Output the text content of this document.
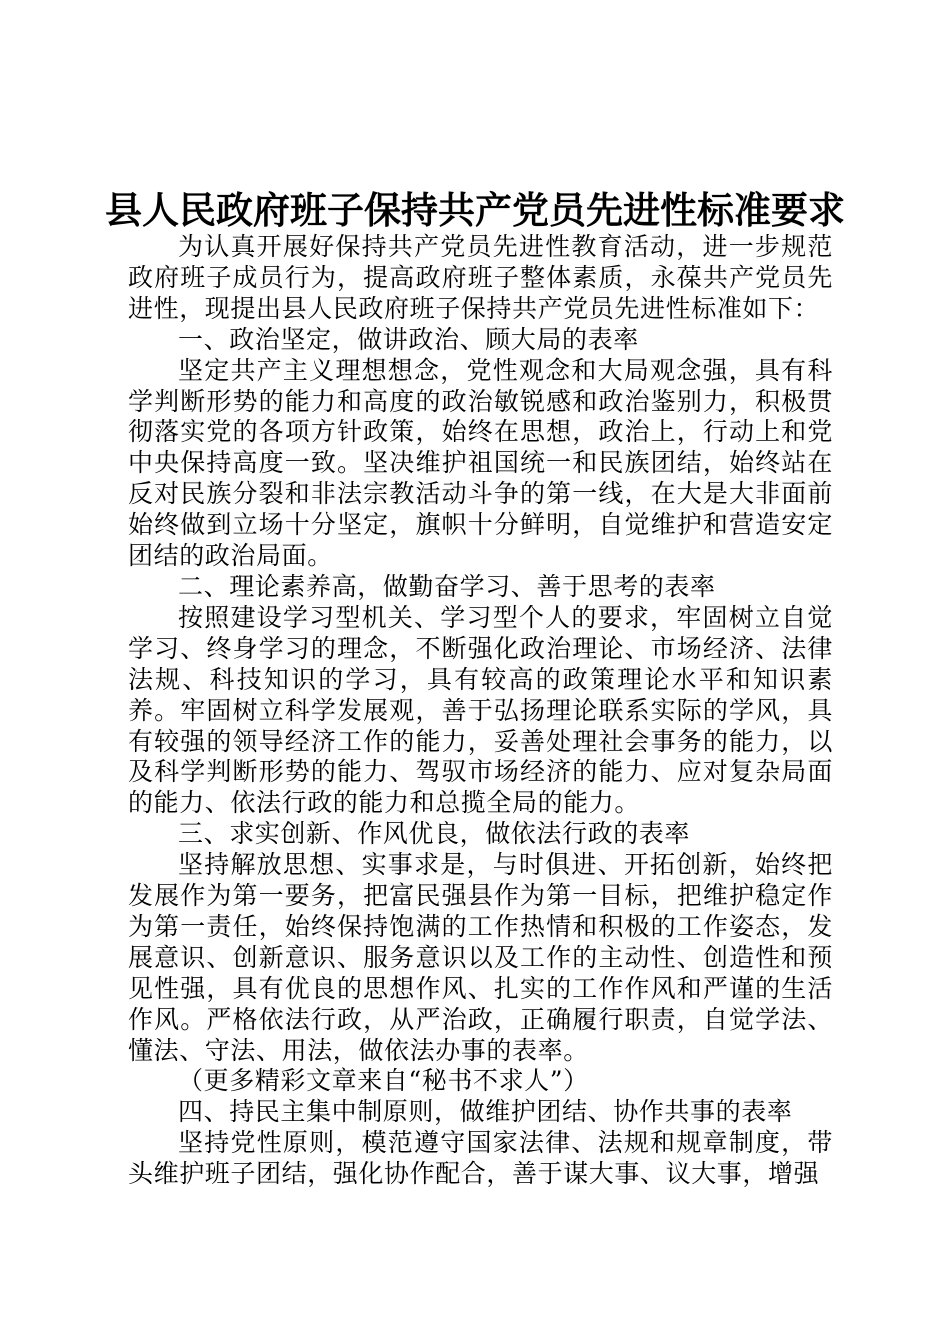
县人民政府班子保持共产党员先进性标准要求

为认真开展好保持共产党员先进性教育活动，进一步规范政府班子成员行为，提高政府班子整体素质，永葆共产党员先进性，现提出县人民政府班子保持共产党员先进性标准如下：

一、政治坚定，做讲政治、顾大局的表率

坚定共产主义理想想念，党性观念和大局观念强，具有科学判断形势的能力和高度的政治敏锐感和政治鉴别力，积极贯彻落实党的各项方针政策，始终在思想，政治上，行动上和党中央保持高度一致。坚决维护祖国统一和民族团结，始终站在反对民族分裂和非法宗教活动斗争的第一线，在大是大非面前始终做到立场十分坚定，旗帜十分鲜明，自觉维护和营造安定团结的政治局面。

二、理论素养高，做勤奋学习、善于思考的表率

按照建设学习型机关、学习型个人的要求，牢固树立自觉学习、终身学习的理念，不断强化政治理论、市场经济、法律法规、科技知识的学习，具有较高的政策理论水平和知识素养。牢固树立科学发展观，善于弘扬理论联系实际的学风，具有较强的领导经济工作的能力，妥善处理社会事务的能力，以及科学判断形势的能力、驾驭市场经济的能力、应对复杂局面的能力、依法行政的能力和总揽全局的能力。

三、求实创新、作风优良，做依法行政的表率

坚持解放思想、实事求是，与时俱进、开拓创新，始终把发展作为第一要务，把富民强县作为第一目标，把维护稳定作为第一责任，始终保持饱满的工作热情和积极的工作姿态，发展意识、创新意识、服务意识以及工作的主动性、创造性和预见性强，具有优良的思想作风、扎实的工作作风和严谨的生活作风。严格依法行政，从严治政，正确履行职责，自觉学法、懂法、守法、用法，做依法办事的表率。

（更多精彩文章来自“秘书不求人”）

四、持民主集中制原则，做维护团结、协作共事的表率

坚持党性原则，模范遵守国家法律、法规和规章制度，带头维护班子团结，强化协作配合，善于谋大事、议大事，增强
